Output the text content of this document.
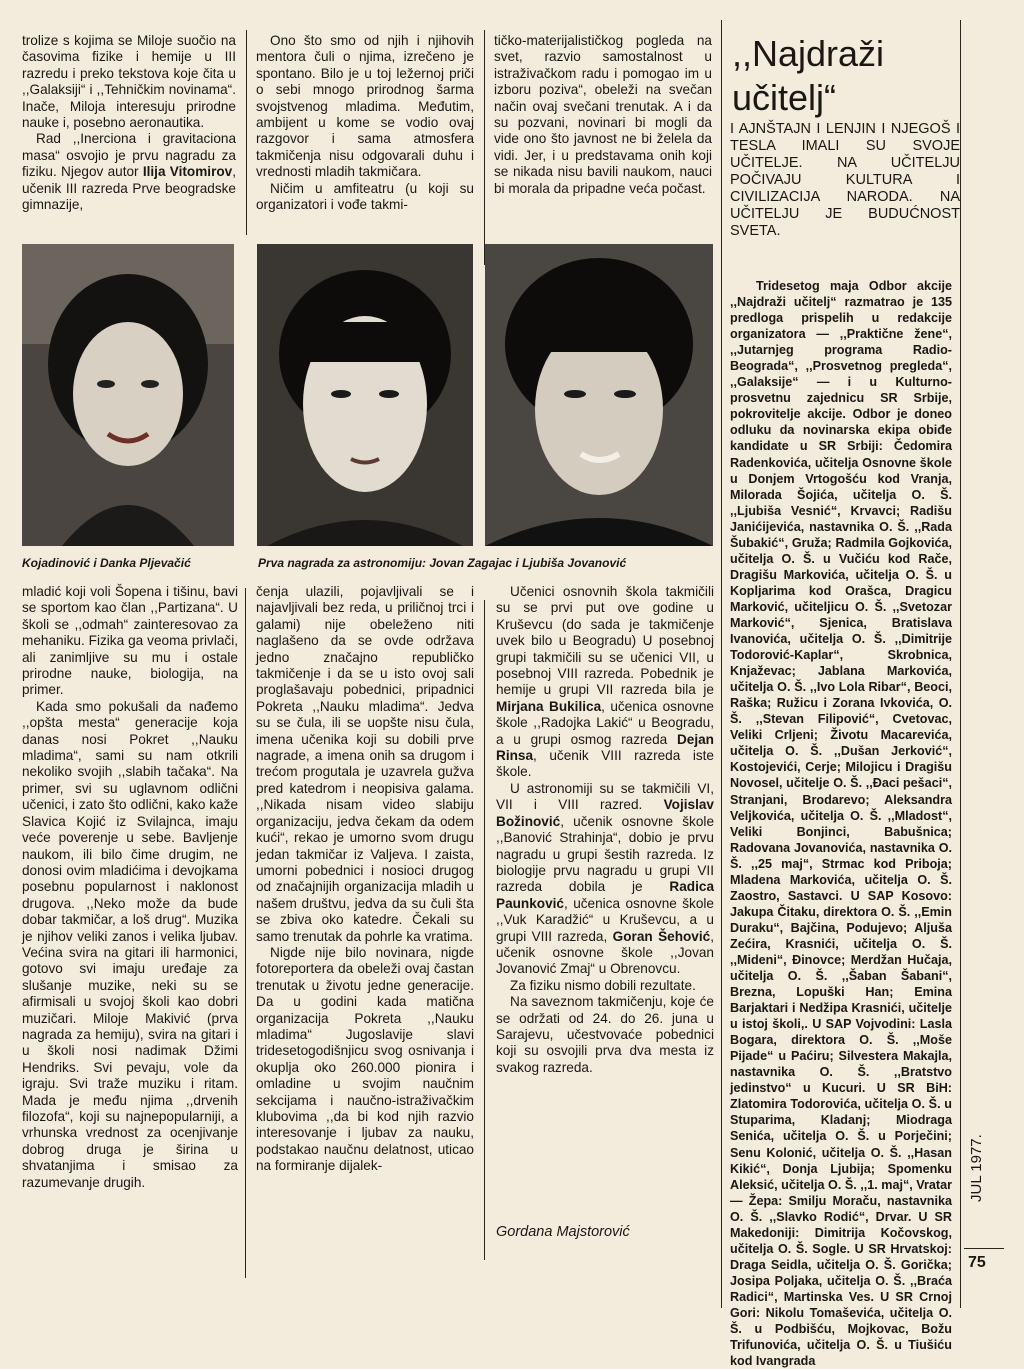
trolize s kojima se Miloje suočio na časovima fizike i hemije u III razredu i preko tekstova koje čita u ,,Galaksiji“ i ,,Tehničkim novinama“. Inače, Miloja interesuju prirodne nauke i, posebno aeronautika.

Rad ,,Inerciona i gravitaciona masa“ osvojio je prvu nagradu za fiziku. Njegov autor Ilija Vitomirov, učenik III razreda Prve beogradske gimnazije,

Ono što smo od njih i njihovih mentora čuli o njima, izrečeno je spontano. Bilo je u toj ležernoj priči o sebi mnogo prirodnog šarma svojstvenog mladima. Međutim, ambijent u kome se vodio ovaj razgovor i sama atmosfera takmičenja nisu odgovarali duhu i vrednosti mladih takmičara.

Ničim u amfiteatru (u koji su organizatori i vođe takmi-

tičko-materijalističkog pogleda na svet, razvio samostalnost u istraživačkom radu i pomogao im u izboru poziva“, obeleži na svečan način ovaj svečani trenutak. A i da su pozvani, novinari bi mogli da vide ono što javnost ne bi želela da vidi. Jer, i u predstavama onih koji se nikada nisu bavili naukom, nauci bi morala da pripadne veća počast.

Kojadinović i Danka Pljevačić	Prva nagrada za astronomiju: Jovan Zagajac i Ljubiša Jovanović

mladić koji voli Šopena i tišinu, bavi se sportom kao član ,,Partizana“. U školi se ,,odmah“ zainteresovao za mehaniku. Fizika ga veoma privlači, ali zanimljive su mu i ostale prirodne nauke, biologija, na primer.

Kada smo pokušali da nađemo ,,opšta mesta“ generacije koja danas nosi Pokret ,,Nauku mladima“, sami su nam otkrili nekoliko svojih ,,slabih tačaka“. Na primer, svi su uglavnom odlični učenici, i zato što odlični, kako kaže Slavica Kojić iz Svilajnca, imaju veće poverenje u sebe. Bavljenje naukom, ili bilo čime drugim, ne donosi ovim mladićima i devojkama posebnu popularnost i naklonost drugova. ,,Neko može da bude dobar takmičar, a loš drug“. Muzika je njihov veliki zanos i velika ljubav. Većina svira na gitari ili harmonici, gotovo svi imaju uređaje za slušanje muzike, neki su se afirmisali u svojoj školi kao dobri muzičari. Miloje Makivić (prva nagrada za hemiju), svira na gitari i u školi nosi nadimak Džimi Hendriks. Svi pevaju, vole da igraju. Svi traže muziku i ritam. Mada je među njima ,,drvenih filozofa“, koji su najnepopularniji, a vrhunska vrednost za ocenjivanje dobrog druga je širina u shvatanjima i smisao za razumevanje drugih.

čenja ulazili, pojavljivali se i najavljivali bez reda, u priličnoj trci i galami) nije obeleženo niti naglašeno da se ovde održava jedno značajno republičko takmičenje i da se u isto ovoj sali proglašavaju pobednici, pripadnici Pokreta ,,Nauku mladima“. Jedva su se čula, ili se uopšte nisu čula, imena učenika koji su dobili prve nagrade, a imena onih sa drugom i trećom progutala je uzavrela gužva pred katedrom i neopisiva galama. ,,Nikada nisam video slabiju organizaciju, jedva čekam da odem kući“, rekao je umorno svom drugu jedan takmičar iz Valjeva. I zaista, umorni pobednici i nosioci drugog od značajnijih organizacija mladih u našem društvu, jedva da su čuli šta se zbiva oko katedre. Čekali su samo trenutak da pohrle ka vratima.

Nigde nije bilo novinara, nigde fotoreportera da obeleži ovaj častan trenutak u životu jedne generacije. Da u godini kada matična organizacija Pokreta ,,Nauku mladima“ Jugoslavije slavi tridesetogodišnjicu svog osnivanja i okuplja oko 260.000 pionira i omladine u svojim naučnim sekcijama i naučno-istraživačkim klubovima ,,da bi kod njih razvio interesovanje i ljubav za nauku, podstakao naučnu delatnost, uticao na formiranje dijalek-

Učenici osnovnih škola takmičili su se prvi put ove godine u Kruševcu (do sada je takmičenje uvek bilo u Beogradu) U posebnoj grupi takmičili su se učenici VII, u posebnoj VIII razreda. Pobednik je hemije u grupi VII razreda bila je Mirjana Bukilica, učenica osnovne škole ,,Radojka Lakić“ u Beogradu, a u grupi osmog razreda Dejan Rinsa, učenik VIII razreda iste škole.

U astronomiji su se takmičili VI, VII i VIII razred. Vojislav Božinović, učenik osnovne škole ,,Banović Strahinja“, dobio je prvu nagradu u grupi šestih razreda. Iz biologije prvu nagradu u grupi VII razreda dobila je Radica Paunković, učenica osnovne škole ,,Vuk Karadžić“ u Kruševcu, a u grupi VIII razreda, Goran Šehović, učenik osnovne škole ,,Jovan Jovanović Zmaj“ u Obrenovcu.

Za fiziku nismo dobili rezultate.

Na saveznom takmičenju, koje će se održati od 24. do 26. juna u Sarajevu, učestvovaće pobednici koji su osvojili prva dva mesta iz svakog razreda.

Gordana Majstorović
,,Najdraži
učitelj“
I AJNŠTAJN I LENJIN I NJEGOŠ I TESLA IMALI SU SVOJE UČITELJE. NA UČITELJU POČIVAJU KULTURA I CIVILIZACIJA NARODA. NA UČITELJU JE BUDUĆNOST SVETA.

Tridesetog maja Odbor akcije ,,Najdraži učitelj“ razmatrao je 135 predloga prispelih u redakcije organizatora — ,,Praktične žene“, ,,Jutarnjeg programa Radio-Beograda“, ,,Prosvetnog pregleda“, ,,Galaksije“ — i u Kulturno-prosvetnu zajednicu SR Srbije, pokrovitelje akcije. Odbor je doneo odluku da novinarska ekipa obiđe kandidate u SR Srbiji: Čedomira Radenkovića, učitelja Osnovne škole u Donjem Vrtogošću kod Vranja, Milorada Šojića, učitelja O. Š. ,,Ljubiša Vesnić“, Krvavci; Radišu Janićijevića, nastavnika O. Š. ,,Rada Šubakić“, Gruža; Radmila Gojkovića, učitelja O. Š. u Vučiću kod Rače, Dragišu Markovića, učitelja O. Š. u Kopljarima kod Orašca, Dragicu Marković, učiteljicu O. Š. ,,Svetozar Marković“, Sjenica, Bratislava Ivanovića, učitelja O. Š. ,,Dimitrije Todorović-Kaplar“, Skrobnica, Knjaževac; Jablana Markovića, učitelja O. Š. ,,Ivo Lola Ribar“, Beoci, Raška; Ružicu i Zorana Ivkovića, O. Š. ,,Stevan Filipović“, Cvetovac, Veliki Crljeni; Životu Macarevića, učitelja O. Š. ,,Dušan Jerković“, Kostojevići, Cerje; Milojicu i Dragišu Novosel, učitelje O. Š. ,,Đaci pešaci“, Stranjani, Brodarevo; Aleksandra Veljkovića, učitelja O. Š. ,,Mladost“, Veliki Bonjinci, Babušnica; Radovana Jovanovića, nastavnika O. Š. ,,25 maj“, Strmac kod Priboja; Mladena Markovića, učitelja O. Š. Zaostro, Sastavci. U SAP Kosovo: Jakupa Čitaku, direktora O. Š. ,,Emin Duraku“, Bajčina, Podujevo; Aljuša Zećira, Krasnići, učitelja O. Š. ,,Mideni“, Đinovce; Merdžan Hučaja, učitelja O. Š. ,,Šaban Šabani“, Brezna, Lopuški Han; Emina Barjaktari i Nedžipa Krasnići, učitelje u istoj školi,. U SAP Vojvodini: Lasla Bogara, direktora O. Š. ,,Moše Pijade“ u Paćiru; Silvestera Makajla, nastavnika O. Š. ,,Bratstvo jedinstvo“ u Kucuri. U SR BiH: Zlatomira Todorovića, učitelja O. Š. u Stuparima, Kladanj; Miodraga Senića, učitelja O. Š. u Porječini; Senu Kolonić, učitelja O. Š. ,,Hasan Kikić“, Donja Ljubija; Spomenku Aleksić, učitelja O. Š. ,,1. maj“, Vratar — Žepa: Smilju Moraču, nastavnika O. Š. ,,Slavko Rodić“, Drvar. U SR Makedoniji: Dimitrija Kočovskog, učitelja O. Š. Sogle. U SR Hrvatskoj: Draga Seidla, učitelja O. Š. Gorička; Josipa Poljaka, učitelja O. Š. ,,Braća Radici“, Martinska Ves. U SR Crnoj Gori: Nikolu Tomaševića, učitelja O. Š. u Podbišću, Mojkovac, Božu Trifunovića, učitelja O. Š. u Tiušiću kod Ivangrada

JUL 1977.
75
